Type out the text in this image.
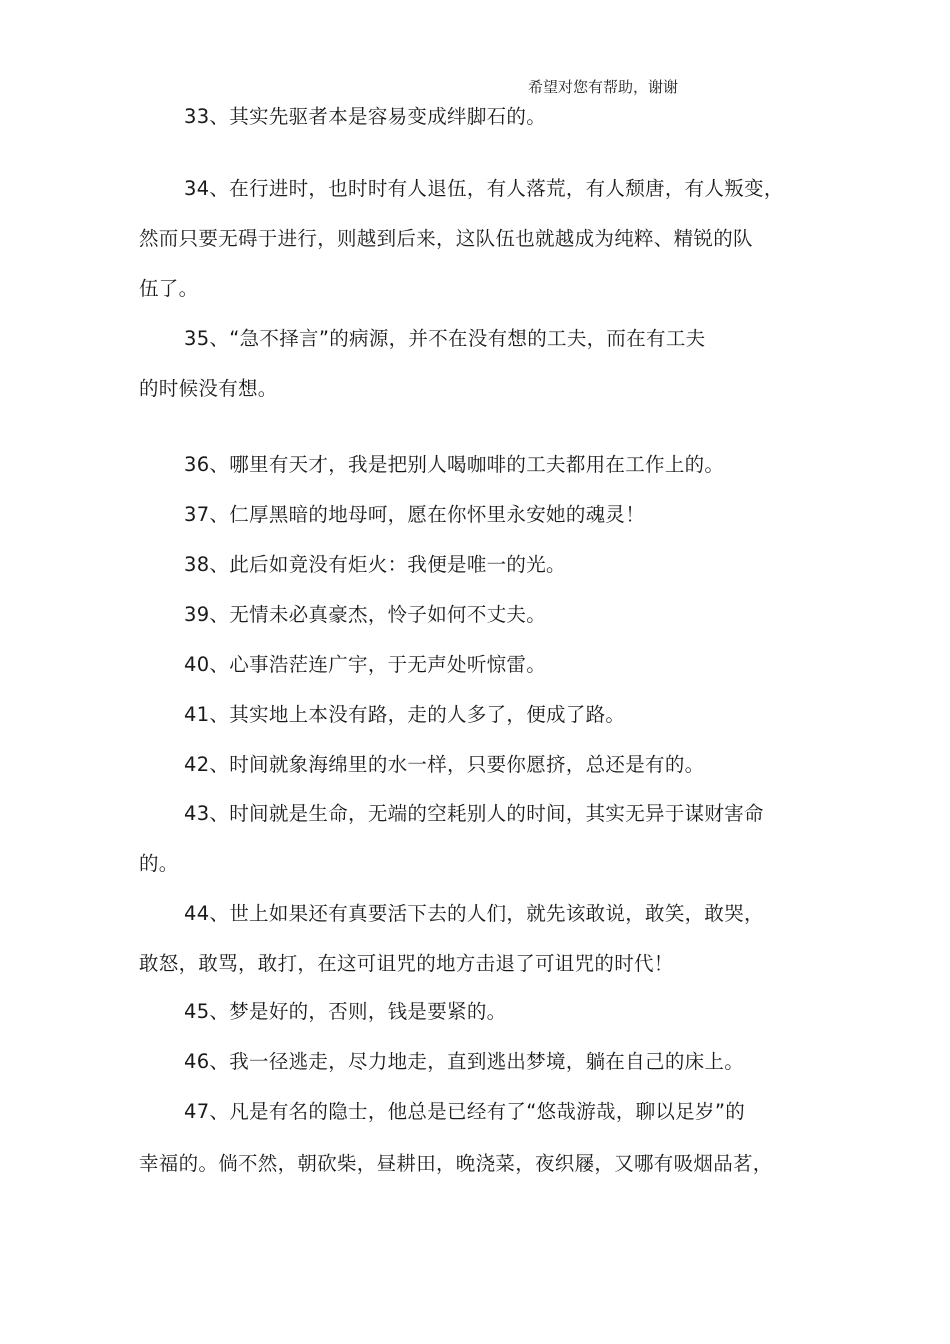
希望对您有帮助，谢谢
33、其实先驱者本是容易变成绊脚石的。
34、在行进时，也时时有人退伍，有人落荒，有人颓唐，有人叛变，
然而只要无碍于进行，则越到后来，这队伍也就越成为纯粹、精锐的队
伍了。
35、“急不择言”的病源，并不在没有想的工夫，而在有工夫
的时候没有想。
36、哪里有天才，我是把别人喝咖啡的工夫都用在工作上的。
37、仁厚黑暗的地母呵，愿在你怀里永安她的魂灵！
38、此后如竟没有炬火：我便是唯一的光。
39、无情未必真豪杰，怜子如何不丈夫。
40、心事浩茫连广宇，于无声处听惊雷。
41、其实地上本没有路，走的人多了，便成了路。
42、时间就象海绵里的水一样，只要你愿挤，总还是有的。
43、时间就是生命，无端的空耗别人的时间，其实无异于谋财害命
的。
44、世上如果还有真要活下去的人们，就先该敢说，敢笑，敢哭，
敢怒，敢骂，敢打，在这可诅咒的地方击退了可诅咒的时代！
45、梦是好的，否则，钱是要紧的。
46、我一径逃走，尽力地走，直到逃出梦境，躺在自己的床上。
47、凡是有名的隐士，他总是已经有了“悠哉游哉，聊以足岁”的
幸福的。倘不然，朝砍柴，昼耕田，晚浇菜，夜织屦，又哪有吸烟品茗，
